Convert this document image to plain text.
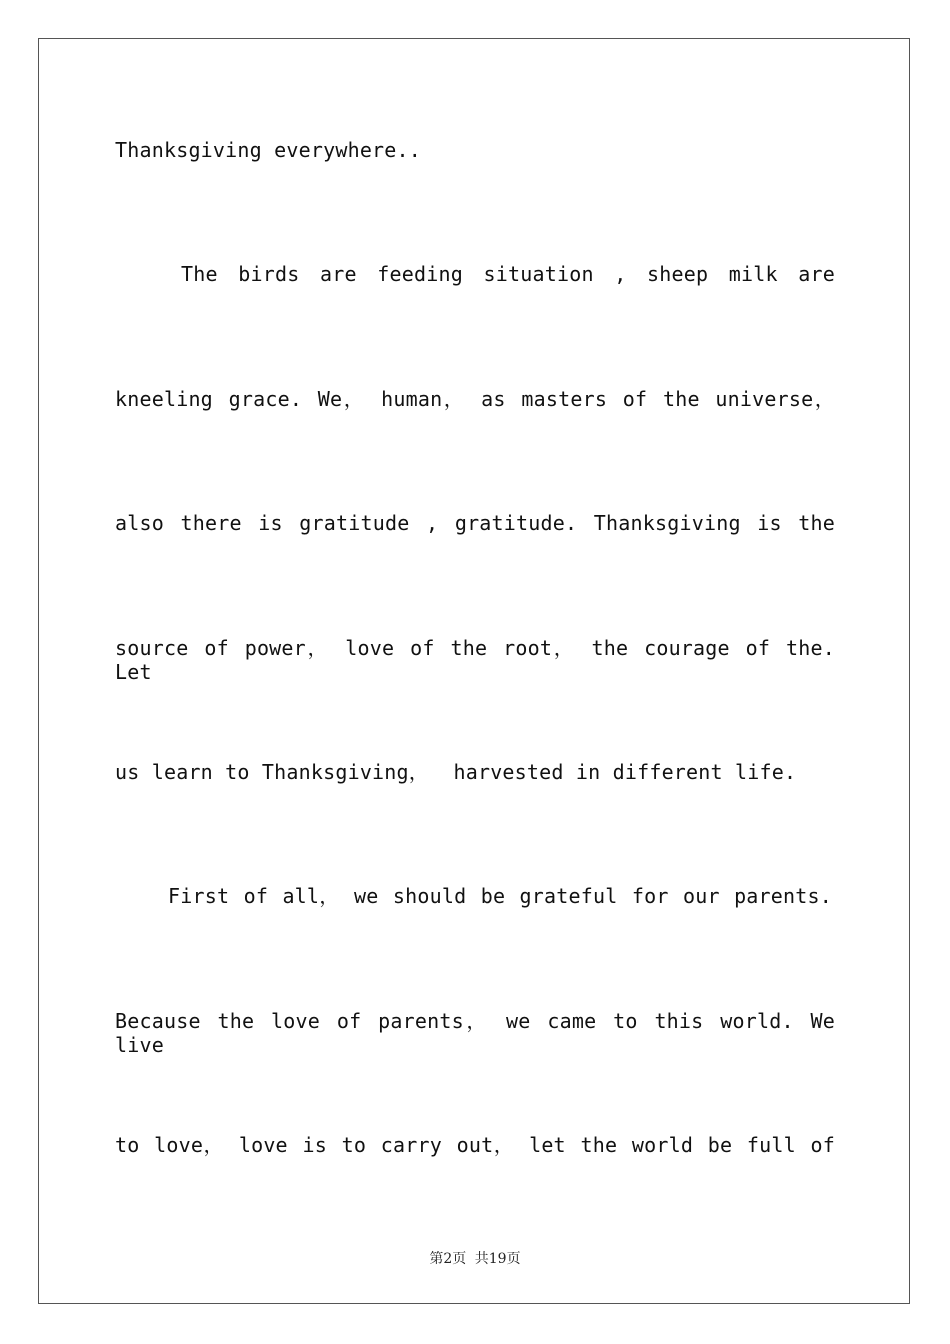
Thanksgiving everywhere..
The birds are feeding situation , sheep milk are
kneeling grace. We， human， as masters of the universe，
also there is gratitude , gratitude. Thanksgiving is the
source of power， love of the root， the courage of the. Let
us learn to Thanksgiving，  harvested in different life.
First of all， we should be grateful for our parents.
Because the love of parents， we came to this world. We live
to love， love is to carry out， let the world be full of
第2页 共19页
